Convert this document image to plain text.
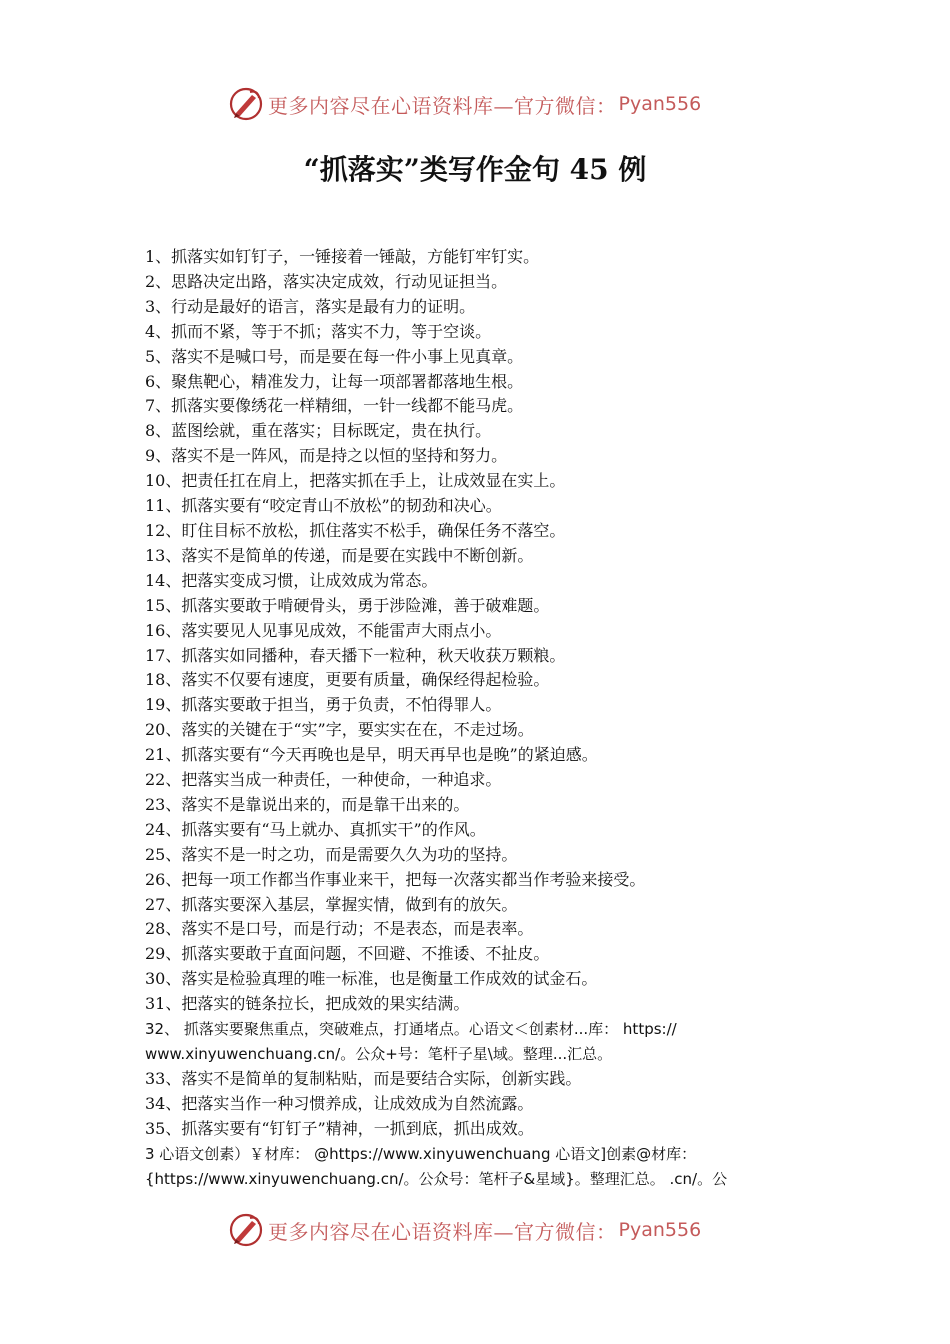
更多内容尽在心语资料库—官方微信： Pyan556
“抓落实”类写作金句 45 例
1、抓落实如钉钉子，一锤接着一锤敲，方能钉牢钉实。
2、思路决定出路，落实决定成效，行动见证担当。
3、行动是最好的语言，落实是最有力的证明。
4、抓而不紧，等于不抓；落实不力，等于空谈。
5、落实不是喊口号，而是要在每一件小事上见真章。
6、聚焦靶心，精准发力，让每一项部署都落地生根。
7、抓落实要像绣花一样精细，一针一线都不能马虎。
8、蓝图绘就，重在落实；目标既定，贵在执行。
9、落实不是一阵风，而是持之以恒的坚持和努力。
10、把责任扛在肩上，把落实抓在手上，让成效显在实上。
11、抓落实要有“咬定青山不放松”的韧劲和决心。
12、盯住目标不放松，抓住落实不松手，确保任务不落空。
13、落实不是简单的传递，而是要在实践中不断创新。
14、把落实变成习惯，让成效成为常态。
15、抓落实要敢于啃硬骨头，勇于涉险滩，善于破难题。
16、落实要见人见事见成效，不能雷声大雨点小。
17、抓落实如同播种，春天播下一粒种，秋天收获万颗粮。
18、落实不仅要有速度，更要有质量，确保经得起检验。
19、抓落实要敢于担当，勇于负责，不怕得罪人。
20、落实的关键在于“实”字，要实实在在，不走过场。
21、抓落实要有“今天再晚也是早，明天再早也是晚”的紧迫感。
22、把落实当成一种责任，一种使命，一种追求。
23、落实不是靠说出来的，而是靠干出来的。
24、抓落实要有“马上就办、真抓实干”的作风。
25、落实不是一时之功，而是需要久久为功的坚持。
26、把每一项工作都当作事业来干，把每一次落实都当作考验来接受。
27、抓落实要深入基层，掌握实情，做到有的放矢。
28、落实不是口号，而是行动；不是表态，而是表率。
29、抓落实要敢于直面问题，不回避、不推诿、不扯皮。
30、落实是检验真理的唯一标准，也是衡量工作成效的试金石。
31、把落实的链条拉长，把成效的果实结满。
32、 抓落实要聚焦重点，突破难点，打通堵点。心语文＜创素材...库： https://
www.xinyuwenchuang.cn/。公众+号：笔杆子星\域。整理...汇总。
33、落实不是简单的复制粘贴，而是要结合实际，创新实践。
34、把落实当作一种习惯养成，让成效成为自然流露。
35、抓落实要有“钉钉子”精神，一抓到底，抓出成效。
3 心语文创素）￥材库： @https://www.xinyuwenchuang 心语文]创素@材库：
{https://www.xinyuwenchuang.cn/。公众号：笔杆子&星域}。整理汇总。 .cn/。公
更多内容尽在心语资料库—官方微信： Pyan556
